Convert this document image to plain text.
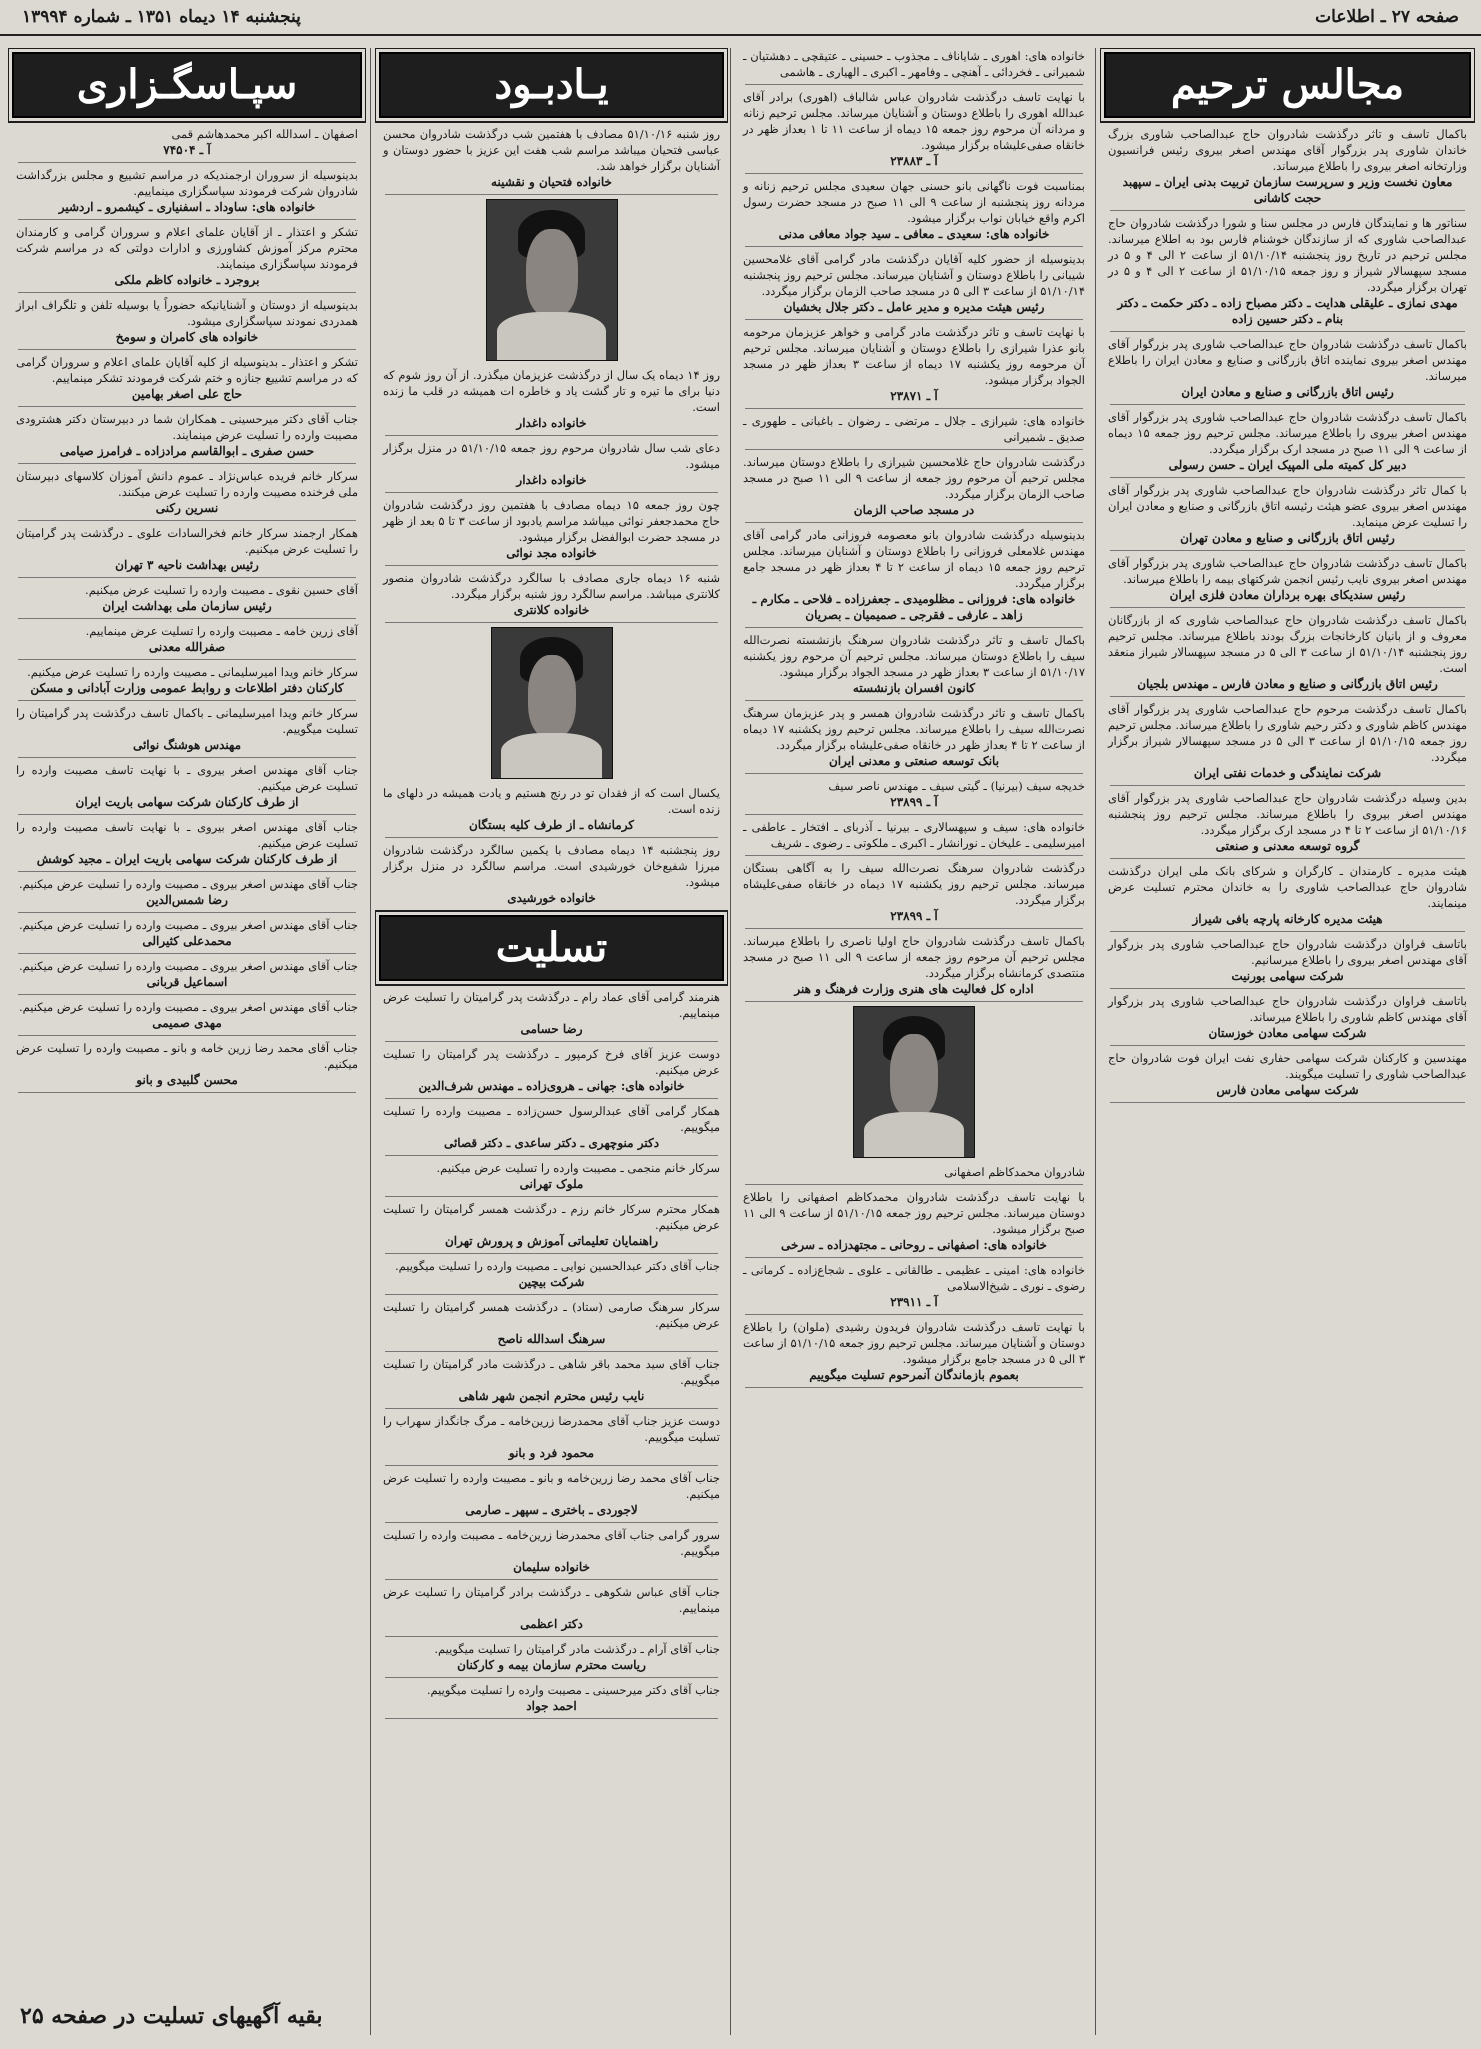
صفحه ۲۷ ـ اطلاعات
پنجشنبه ۱۴ دیماه ۱۳۵۱ ـ شماره ۱۳۹۹۴
مجالس ترحیم
باکمال تاسف و تاثر درگذشت شادروان حاج عبدالصاحب شاوری بزرگ خاندان شاوری پدر بزرگوار آقای مهندس اصغر بیروی رئیس فرانسیون وزارتخانه اصغر بیروی را باطلاع میرساند.
معاون نخست وزیر و سرپرست سازمان تربیت بدنی ایران ـ سپهبد حجت کاشانی
سناتور ها و نمایندگان فارس در مجلس سنا و شورا درگذشت شادروان حاج عبدالصاحب شاوری که از سازندگان خوشنام فارس بود به اطلاع میرساند. مجلس ترحیم در تاریخ روز پنجشنبه ۵۱/۱۰/۱۴ از ساعت ۲ الی ۴ و ۵ در مسجد سپهسالار شیراز و روز جمعه ۵۱/۱۰/۱۵ از ساعت ۲ الی ۴ و ۵ در تهران برگزار میگردد.
مهدی نمازی ـ علیقلی هدایت ـ دکتر مصباح زاده ـ دکتر حکمت ـ دکتر بنام ـ دکتر حسین زاده
باکمال تاسف درگذشت شادروان حاج عبدالصاحب شاوری پدر بزرگوار آقای مهندس اصغر بیروی نماینده اتاق بازرگانی و صنایع و معادن ایران را باطلاع میرساند.
رئیس اتاق بازرگانی و صنایع و معادن ایران
باکمال تاسف درگذشت شادروان حاج عبدالصاحب شاوری پدر بزرگوار آقای مهندس اصغر بیروی را باطلاع میرساند. مجلس ترحیم روز جمعه ۱۵ دیماه از ساعت ۹ الی ۱۱ صبح در مسجد ارک برگزار میگردد.
دبیر کل کمیته ملی المپیک ایران ـ حسن رسولی
با کمال تاثر درگذشت شادروان حاج عبدالصاحب شاوری پدر بزرگوار آقای مهندس اصغر بیروی عضو هیئت رئیسه اتاق بازرگانی و صنایع و معادن ایران را تسلیت عرض مینماید.
رئیس اتاق بازرگانی و صنایع و معادن تهران
باکمال تاسف درگذشت شادروان حاج عبدالصاحب شاوری پدر بزرگوار آقای مهندس اصغر بیروی نایب رئیس انجمن شرکتهای بیمه را باطلاع میرساند.
رئیس سندیکای بهره برداران معادن فلزی ایران
باکمال تاسف درگذشت شادروان حاج عبدالصاحب شاوری که از بازرگانان معروف و از بانیان کارخانجات بزرگ بودند باطلاع میرساند. مجلس ترحیم روز پنجشنبه ۵۱/۱۰/۱۴ از ساعت ۳ الی ۵ در مسجد سپهسالار شیراز منعقد است.
رئیس اتاق بازرگانی و صنایع و معادن فارس ـ مهندس بلجیان
باکمال تاسف درگذشت مرحوم حاج عبدالصاحب شاوری پدر بزرگوار آقای مهندس کاظم شاوری و دکتر رحیم شاوری را باطلاع میرساند. مجلس ترحیم روز جمعه ۵۱/۱۰/۱۵ از ساعت ۳ الی ۵ در مسجد سپهسالار شیراز برگزار میگردد.
شرکت نمایندگی و خدمات نفتی ایران
بدین وسیله درگذشت شادروان حاج عبدالصاحب شاوری پدر بزرگوار آقای مهندس اصغر بیروی را باطلاع میرساند. مجلس ترحیم روز پنجشنبه ۵۱/۱۰/۱۶ از ساعت ۲ تا ۴ در مسجد ارک برگزار میگردد.
گروه توسعه معدنی و صنعتی
هیئت مدیره ـ کارمندان ـ کارگران و شرکای بانک ملی ایران درگذشت شادروان حاج عبدالصاحب شاوری را به خاندان محترم تسلیت عرض مینمایند.
هیئت مدیره کارخانه پارچه بافی شیراز
باتاسف فراوان درگذشت شادروان حاج عبدالصاحب شاوری پدر بزرگوار آقای مهندس اصغر بیروی را باطلاع میرسانیم.
شرکت سهامی بورنیت
باتاسف فراوان درگذشت شادروان حاج عبدالصاحب شاوری پدر بزرگوار آقای مهندس کاظم شاوری را باطلاع میرساند.
شرکت سهامی معادن خوزستان
مهندسین و کارکنان شرکت سهامی حفاری نفت ایران فوت شادروان حاج عبدالصاحب شاوری را تسلیت میگویند.
شرکت سهامی معادن فارس
خانواده های: اهوری ـ شایاناف ـ مجذوب ـ حسینی ـ عتیقچی ـ دهشتیان ـ شمیرانی ـ فخردائی ـ آهنچی ـ وفامهر ـ اکبری ـ الهیاری ـ هاشمی
با نهایت تاسف درگذشت شادروان عباس شالباف (اهوری) برادر آقای عبدالله اهوری را باطلاع دوستان و آشنایان میرساند. مجلس ترحیم زنانه و مردانه آن مرحوم روز جمعه ۱۵ دیماه از ساعت ۱۱ تا ۱ بعداز ظهر در خانقاه صفی‌علیشاه برگزار میشود.
آ ـ ۲۳۸۸۳
بمناسبت فوت ناگهانی بانو حسنی جهان سعیدی مجلس ترحیم زنانه و مردانه روز پنجشنبه از ساعت ۹ الی ۱۱ صبح در مسجد حضرت رسول اکرم واقع خیابان نواب برگزار میشود.
خانواده های: سعیدی ـ معافی ـ سید جواد معافی مدنی
بدینوسیله از حضور کلیه آقایان درگذشت مادر گرامی آقای غلامحسین شیبانی را باطلاع دوستان و آشنایان میرساند. مجلس ترحیم روز پنجشنبه ۵۱/۱۰/۱۴ از ساعت ۳ الی ۵ در مسجد صاحب الزمان برگزار میگردد.
رئیس هیئت مدیره و مدیر عامل ـ دکتر جلال بخشیان
با نهایت تاسف و تاثر درگذشت مادر گرامی و خواهر عزیزمان مرحومه بانو عذرا شیرازی را باطلاع دوستان و آشنایان میرساند. مجلس ترحیم آن مرحومه روز یکشنبه ۱۷ دیماه از ساعت ۳ بعداز ظهر در مسجد الجواد برگزار میشود.
آ ـ ۲۳۸۷۱
خانواده های: شیرازی ـ جلال ـ مرتضی ـ رضوان ـ باغبانی ـ طهوری ـ صدیق ـ شمیرانی
درگذشت شادروان حاج غلامحسین شیرازی را باطلاع دوستان میرساند. مجلس ترحیم آن مرحوم روز جمعه از ساعت ۹ الی ۱۱ صبح در مسجد صاحب الزمان برگزار میگردد.
در مسجد صاحب الزمان
بدینوسیله درگذشت شادروان بانو معصومه فروزانی مادر گرامی آقای مهندس غلامعلی فروزانی را باطلاع دوستان و آشنایان میرساند. مجلس ترحیم روز جمعه ۱۵ دیماه از ساعت ۲ تا ۴ بعداز ظهر در مسجد جامع برگزار میگردد.
خانواده های: فروزانی ـ مظلومیدی ـ جعفرزاده ـ فلاحی ـ مکارم ـ زاهد ـ عارفی ـ فقرجی ـ صمیمیان ـ بصریان
باکمال تاسف و تاثر درگذشت شادروان سرهنگ بازنشسته نصرت‌الله سیف را باطلاع دوستان میرساند. مجلس ترحیم آن مرحوم روز یکشنبه ۵۱/۱۰/۱۷ از ساعت ۳ بعداز ظهر در مسجد الجواد برگزار میشود.
کانون افسران بازنشسته
باکمال تاسف و تاثر درگذشت شادروان همسر و پدر عزیزمان سرهنگ نصرت‌الله سیف را باطلاع میرساند. مجلس ترحیم روز یکشنبه ۱۷ دیماه از ساعت ۲ تا ۴ بعداز ظهر در خانقاه صفی‌علیشاه برگزار میگردد.
بانک توسعه صنعتی و معدنی ایران
خدیجه سیف (بیرنیا) ـ گیتی سیف ـ مهندس ناصر سیف
آ ـ ۲۳۸۹۹
خانواده های: سیف و سپهسالاری ـ بیرنیا ـ آذربای ـ افتخار ـ عاطفی ـ امیرسلیمی ـ علیخان ـ نورانشار ـ اکبری ـ ملکوتی ـ رضوی ـ شریف
درگذشت شادروان سرهنگ نصرت‌الله سیف را به آگاهی بستگان میرساند. مجلس ترحیم روز یکشنبه ۱۷ دیماه در خانقاه صفی‌علیشاه برگزار میگردد.
آ ـ ۲۳۸۹۹
باکمال تاسف درگذشت شادروان حاج اولیا ناصری را باطلاع میرساند. مجلس ترحیم آن مرحوم روز جمعه از ساعت ۹ الی ۱۱ صبح در مسجد منتصدی کرمانشاه برگزار میگردد.
اداره کل فعالیت های هنری وزارت فرهنگ و هنر
شادروان محمدکاظم اصفهانی
با نهایت تاسف درگذشت شادروان محمدکاظم اصفهانی را باطلاع دوستان میرساند. مجلس ترحیم روز جمعه ۵۱/۱۰/۱۵ از ساعت ۹ الی ۱۱ صبح برگزار میشود.
خانواده های: اصفهانی ـ روحانی ـ مجتهدزاده ـ سرخی
خانواده های: امینی ـ عظیمی ـ طالقانی ـ علوی ـ شجاع‌زاده ـ کرمانی ـ رضوی ـ نوری ـ شیخ‌الاسلامی
آ ـ ۲۳۹۱۱
با نهایت تاسف درگذشت شادروان فریدون رشیدی (ملوان) را باطلاع دوستان و آشنایان میرساند. مجلس ترحیم روز جمعه ۵۱/۱۰/۱۵ از ساعت ۳ الی ۵ در مسجد جامع برگزار میشود.
بعموم بازماندگان آنمرحوم تسلیت میگوییم
یـادبـود
روز شنبه ۵۱/۱۰/۱۶ مصادف با هفتمین شب درگذشت شادروان محسن عباسی فتحیان میباشد مراسم شب هفت این عزیز با حضور دوستان و آشنایان برگزار خواهد شد.
خانواده فتحیان و نقشینه
روز ۱۴ دیماه یک سال از درگذشت عزیزمان میگذرد. از آن روز شوم که دنیا برای ما تیره و تار گشت یاد و خاطره ات همیشه در قلب ما زنده است.
خانواده داغدار
دعای شب سال شادروان مرحوم روز جمعه ۵۱/۱۰/۱۵ در منزل برگزار میشود.
خانواده داغدار
چون روز جمعه ۱۵ دیماه مصادف با هفتمین روز درگذشت شادروان حاج محمدجعفر نوائی میباشد مراسم یادبود از ساعت ۳ تا ۵ بعد از ظهر در مسجد حضرت ابوالفضل برگزار میشود.
خانواده مجد نوائی
شنبه ۱۶ دیماه جاری مصادف با سالگرد درگذشت شادروان منصور کلانتری میباشد. مراسم سالگرد روز شنبه برگزار میگردد.
خانواده کلانتری
یکسال است که از فقدان تو در رنج هستیم و یادت همیشه در دلهای ما زنده است.
کرمانشاه ـ از طرف کلیه بستگان
روز پنجشنبه ۱۴ دیماه مصادف با یکمین سالگرد درگذشت شادروان میرزا شفیع‌خان خورشیدی است. مراسم سالگرد در منزل برگزار میشود.
خانواده خورشیدی
تسلیت
هنرمند گرامی آقای عماد رام ـ درگذشت پدر گرامیتان را تسلیت عرض مینماییم.
رضا حسامی
دوست عزیز آقای فرخ کرمپور ـ درگذشت پدر گرامیتان را تسلیت عرض میکنیم.
خانواده های: جهانی ـ هروی‌زاده ـ مهندس شرف‌الدین
همکار گرامی آقای عبدالرسول حسن‌زاده ـ مصیبت وارده را تسلیت میگوییم.
دکتر منوچهری ـ دکتر ساعدی ـ دکتر قصائی
سرکار خانم منجمی ـ مصیبت وارده را تسلیت عرض میکنیم.
ملوک تهرانی
همکار محترم سرکار خانم رزم ـ درگذشت همسر گرامیتان را تسلیت عرض میکنیم.
راهنمایان تعلیماتی آموزش و پرورش تهران
جناب آقای دکتر عبدالحسین نوایی ـ مصیبت وارده را تسلیت میگوییم.
شرکت بیچین
سرکار سرهنگ صارمی (ستاد) ـ درگذشت همسر گرامیتان را تسلیت عرض میکنیم.
سرهنگ اسدالله ناصح
جناب آقای سید محمد باقر شاهی ـ درگذشت مادر گرامیتان را تسلیت میگوییم.
نایب رئیس محترم انجمن شهر شاهی
دوست عزیز جناب آقای محمدرضا زرین‌خامه ـ مرگ جانگداز سهراب را تسلیت میگوییم.
محمود فرد و بانو
جناب آقای محمد رضا زرین‌خامه و بانو ـ مصیبت وارده را تسلیت عرض میکنیم.
لاجوردی ـ باختری ـ سپهر ـ صارمی
سرور گرامی جناب آقای محمدرضا زرین‌خامه ـ مصیبت وارده را تسلیت میگوییم.
خانواده سلیمان
جناب آقای عباس شکوهی ـ درگذشت برادر گرامیتان را تسلیت عرض مینماییم.
دکتر اعظمی
جناب آقای آرام ـ درگذشت مادر گرامیتان را تسلیت میگوییم.
ریاست محترم سازمان بیمه و کارکنان
جناب آقای دکتر میرحسینی ـ مصیبت وارده را تسلیت میگوییم.
احمد جواد
سپـاسگـزاری
اصفهان ـ اسدالله اکبر محمدهاشم قمی
آ ـ ۷۴۵۰۴
بدینوسیله از سروران ارجمندیکه در مراسم تشییع و مجلس بزرگداشت شادروان شرکت فرمودند سپاسگزاری مینماییم.
خانواده های: ساوداد ـ اسفنیاری ـ کیشمرو ـ اردشیر
تشکر و اعتذار ـ از آقایان علمای اعلام و سروران گرامی و کارمندان محترم مرکز آموزش کشاورزی و ادارات دولتی که در مراسم شرکت فرمودند سپاسگزاری مینمایند.
بروجرد ـ خانواده کاظم ملکی
بدینوسیله از دوستان و آشنایانیکه حضوراً یا بوسیله تلفن و تلگراف ابراز همدردی نمودند سپاسگزاری میشود.
خانواده های کامران و سومخ
تشکر و اعتذار ـ بدینوسیله از کلیه آقایان علمای اعلام و سروران گرامی که در مراسم تشییع جنازه و ختم شرکت فرمودند تشکر مینماییم.
حاج علی اصغر بهامین
جناب آقای دکتر میرحسینی ـ همکاران شما در دبیرستان دکتر هشترودی مصیبت وارده را تسلیت عرض مینمایند.
حسن صفری ـ ابوالقاسم مرادزاده ـ فرامرز صیامی
سرکار خانم فریده عباس‌نژاد ـ عموم دانش آموزان کلاسهای دبیرستان ملی فرخنده مصیبت وارده را تسلیت عرض میکنند.
نسرین رکنی
همکار ارجمند سرکار خانم فخرالسادات علوی ـ درگذشت پدر گرامیتان را تسلیت عرض میکنیم.
رئیس بهداشت ناحیه ۳ تهران
آقای حسین نقوی ـ مصیبت وارده را تسلیت عرض میکنیم.
رئیس سازمان ملی بهداشت ایران
آقای زرین خامه ـ مصیبت وارده را تسلیت عرض مینماییم.
صفرالله معدنی
سرکار خانم ویدا امیرسلیمانی ـ مصیبت وارده را تسلیت عرض میکنیم.
کارکنان دفتر اطلاعات و روابط عمومی وزارت آبادانی و مسکن
سرکار خانم ویدا امیرسلیمانی ـ باکمال تاسف درگذشت پدر گرامیتان را تسلیت میگوییم.
مهندس هوشنگ نوائی
جناب آقای مهندس اصغر بیروی ـ با نهایت تاسف مصیبت وارده را تسلیت عرض میکنیم.
از طرف کارکنان شرکت سهامی باریت ایران
جناب آقای مهندس اصغر بیروی ـ با نهایت تاسف مصیبت وارده را تسلیت عرض میکنیم.
از طرف کارکنان شرکت سهامی باریت ایران ـ مجید کوشش
جناب آقای مهندس اصغر بیروی ـ مصیبت وارده را تسلیت عرض میکنیم.
رضا شمس‌الدین
جناب آقای مهندس اصغر بیروی ـ مصیبت وارده را تسلیت عرض میکنیم.
محمدعلی کثیرالی
جناب آقای مهندس اصغر بیروی ـ مصیبت وارده را تسلیت عرض میکنیم.
اسماعیل قربانی
جناب آقای مهندس اصغر بیروی ـ مصیبت وارده را تسلیت عرض میکنیم.
مهدی صمیمی
جناب آقای محمد رضا زرین خامه و بانو ـ مصیبت وارده را تسلیت عرض میکنیم.
محسن گلبیدی و بانو
بقیه آگهیهای تسلیت در صفحه ۲۵
